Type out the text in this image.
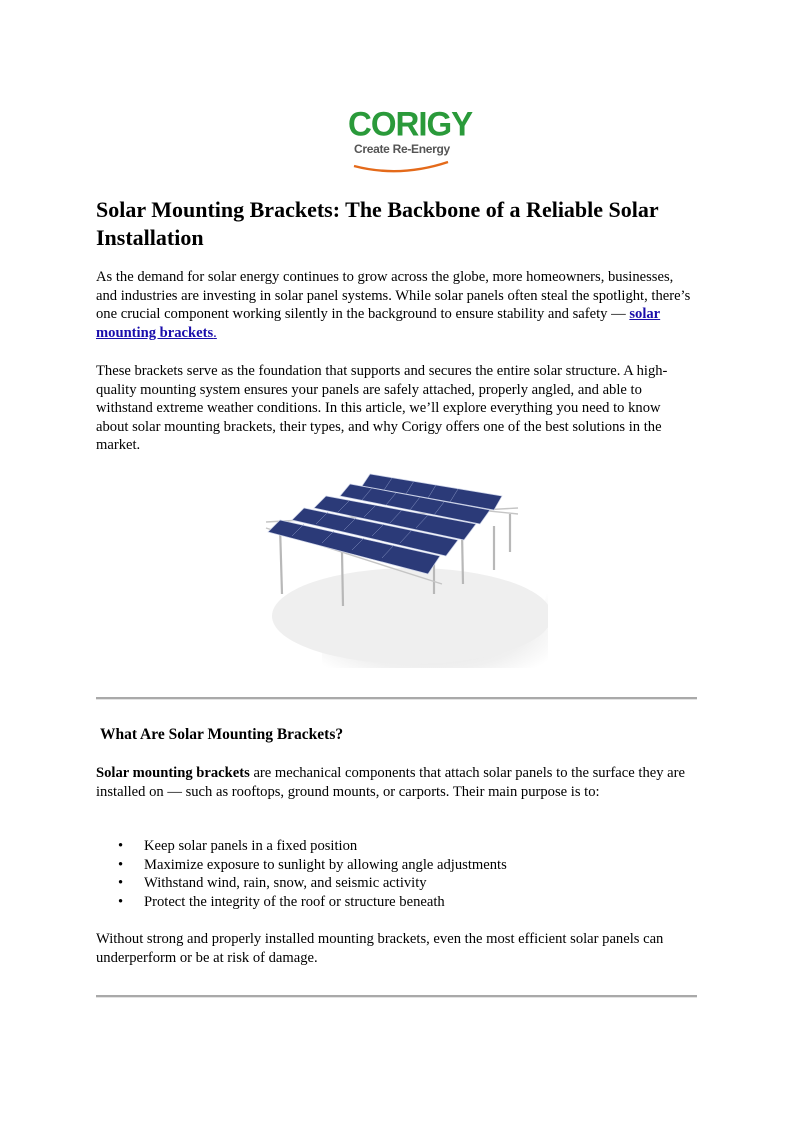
CORIGY
Create Re-Energy
Solar Mounting Brackets: The Backbone of a Reliable Solar Installation

As the demand for solar energy continues to grow across the globe, more homeowners, businesses, and industries are investing in solar panel systems. While solar panels often steal the spotlight, there’s one crucial component working silently in the background to ensure stability and safety — solar mounting brackets.

These brackets serve as the foundation that supports and secures the entire solar structure. A high-quality mounting system ensures your panels are safely attached, properly angled, and able to withstand extreme weather conditions. In this article, we’ll explore everything you need to know about solar mounting brackets, their types, and why Corigy offers one of the best solutions in the market.

What Are Solar Mounting Brackets?

Solar mounting brackets are mechanical components that attach solar panels to the surface they are installed on — such as rooftops, ground mounts, or carports. Their main purpose is to:

• Keep solar panels in a fixed position
• Maximize exposure to sunlight by allowing angle adjustments
• Withstand wind, rain, snow, and seismic activity
• Protect the integrity of the roof or structure beneath

Without strong and properly installed mounting brackets, even the most efficient solar panels can underperform or be at risk of damage.
